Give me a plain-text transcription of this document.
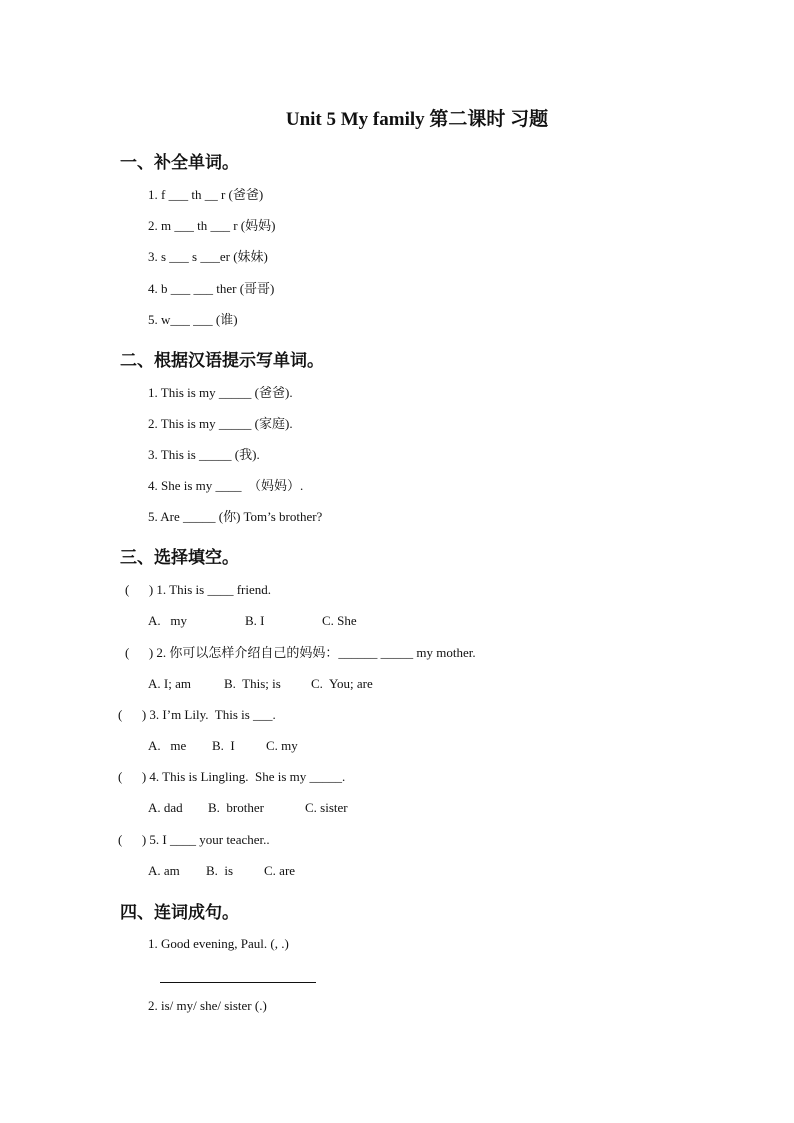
Unit 5 My family 第二课时 习题
一、补全单词。
1. f ___ th __ r (爸爸)
2. m ___ th ___ r (妈妈)
3. s ___ s ___er (妹妹)
4. b ___ ___ ther (哥哥)
5. w___ ___ (谁)
二、根据汉语提示写单词。
1. This is my _____ (爸爸).
2. This is my _____ (家庭).
3. This is _____ (我).
4. She is my ____  （妈妈）.
5. Are _____ (你) Tom’s brother?
三、选择填空。
(      ) 1. This is ____ friend.
A.   my	B. I	C. She
(      ) 2. 你可以怎样介绍自己的妈妈：______ _____ my mother.
A. I; am	B.  This; is C.  You; are
(      ) 3. I’m Lily.  This is ___.
A.   me B.  I C. my
(      ) 4. This is Lingling.  She is my _____.
A. dad B.  brother	C. sister
(      ) 5. I ____ your teacher..
A. am B.  is C. are
四、连词成句。
1. Good evening, Paul. (, .)
2. is/ my/ she/ sister (.)
